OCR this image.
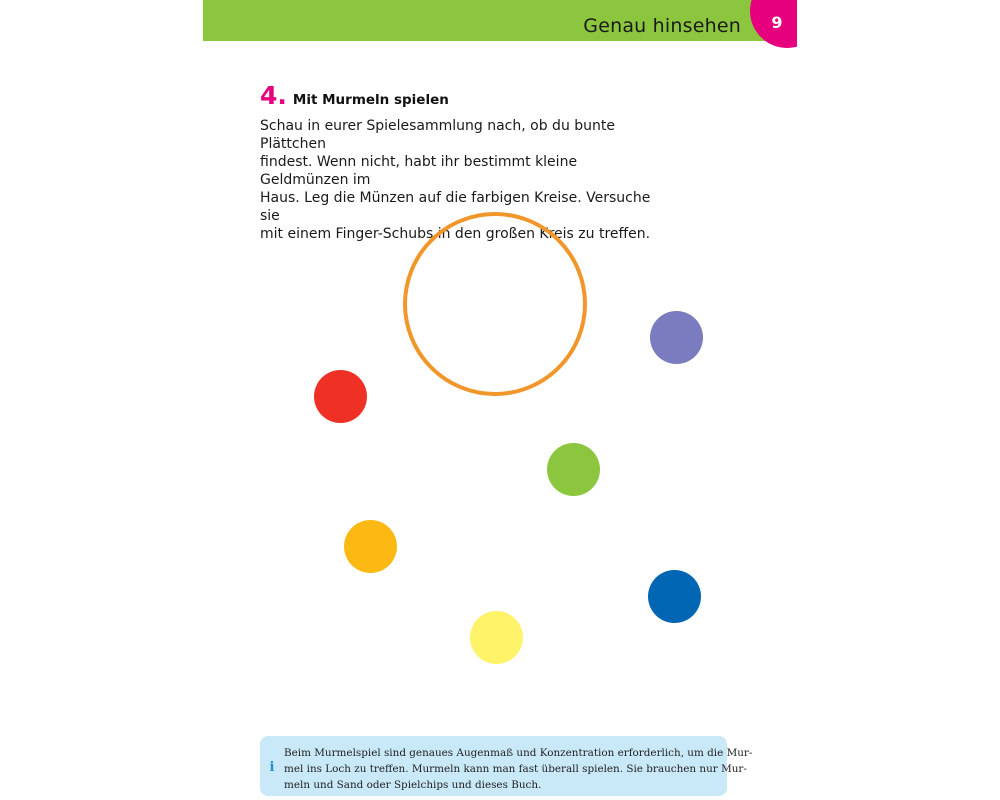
Genau hinsehen 9
4. Mit Murmeln spielen

Schau in eurer Spielesammlung nach, ob du bunte Plättchen
findest. Wenn nicht, habt ihr bestimmt kleine Geldmünzen im
Haus. Leg die Münzen auf die farbigen Kreise. Versuche sie
mit einem Finger-Schubs in den großen Kreis zu treffen.

i

Beim Murmelspiel sind genaues Augenmaß und Konzentration erforderlich, um die Mur-
mel ins Loch zu treffen. Murmeln kann man fast überall spielen. Sie brauchen nur Mur-
meln und Sand oder Spielchips und dieses Buch.
